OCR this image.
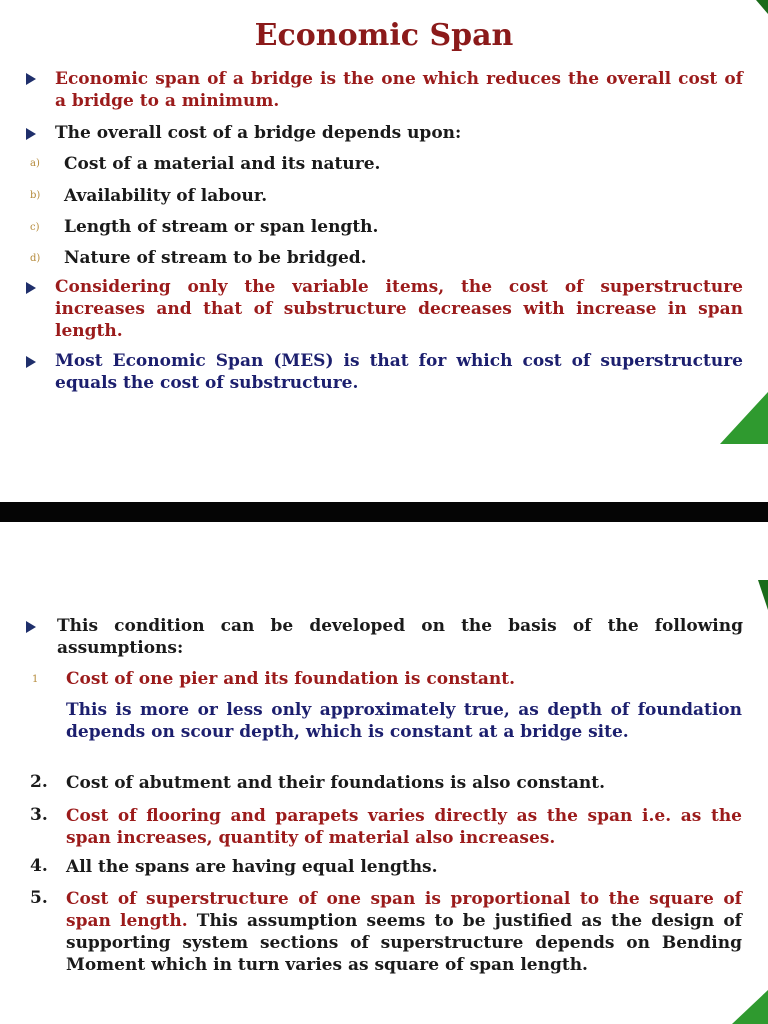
Economic Span
Economic span of a bridge is the one which reduces the overall cost of a bridge to a minimum.
The overall cost of a bridge depends upon:
a) Cost of a material and its nature.
b) Availability of labour.
c) Length of stream or span length.
d) Nature of stream to be bridged.
Considering only the variable items, the cost of superstructure increases and that of substructure decreases with increase in span length.
Most Economic Span (MES) is that for which cost of superstructure equals the cost of substructure.
This condition can be developed on the basis of the following assumptions:
1 Cost of one pier and its foundation is constant.
This is more or less only approximately true, as depth of foundation depends on scour depth, which is constant at a bridge site.
2. Cost of abutment and their foundations is also constant.
3. Cost of flooring and parapets varies directly as the span i.e. as the span increases, quantity of material also increases.
4. All the spans are having equal lengths.
5. Cost of superstructure of one span is proportional to the square of span length. This assumption seems to be justified as the design of supporting system sections of superstructure depends on Bending Moment which in turn varies as square of span length.
